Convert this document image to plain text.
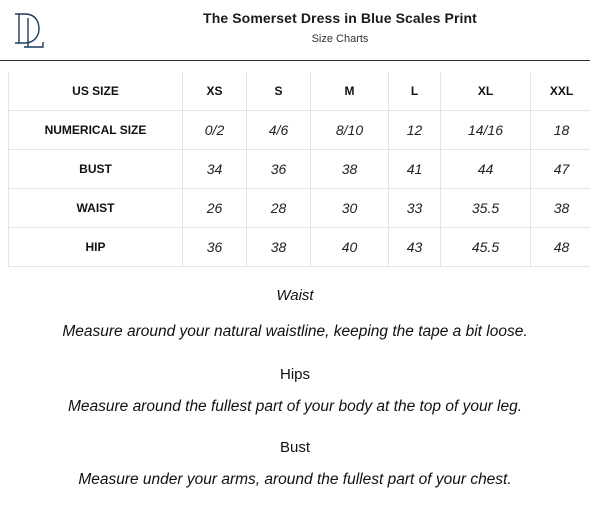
The Somerset Dress in Blue Scales Print
Size Charts
US SIZE	XS	S	M	L	XL	XXL
NUMERICAL SIZE	0/2	4/6	8/10	12	14/16	18
BUST	34	36	38	41	44	47
WAIST	26	28	30	33	35.5	38
HIP	36	38	40	43	45.5	48
Waist
Measure around your natural waistline, keeping the tape a bit loose.
Hips
Measure around the fullest part of your body at the top of your leg.
Bust
Measure under your arms, around the fullest part of your chest.
